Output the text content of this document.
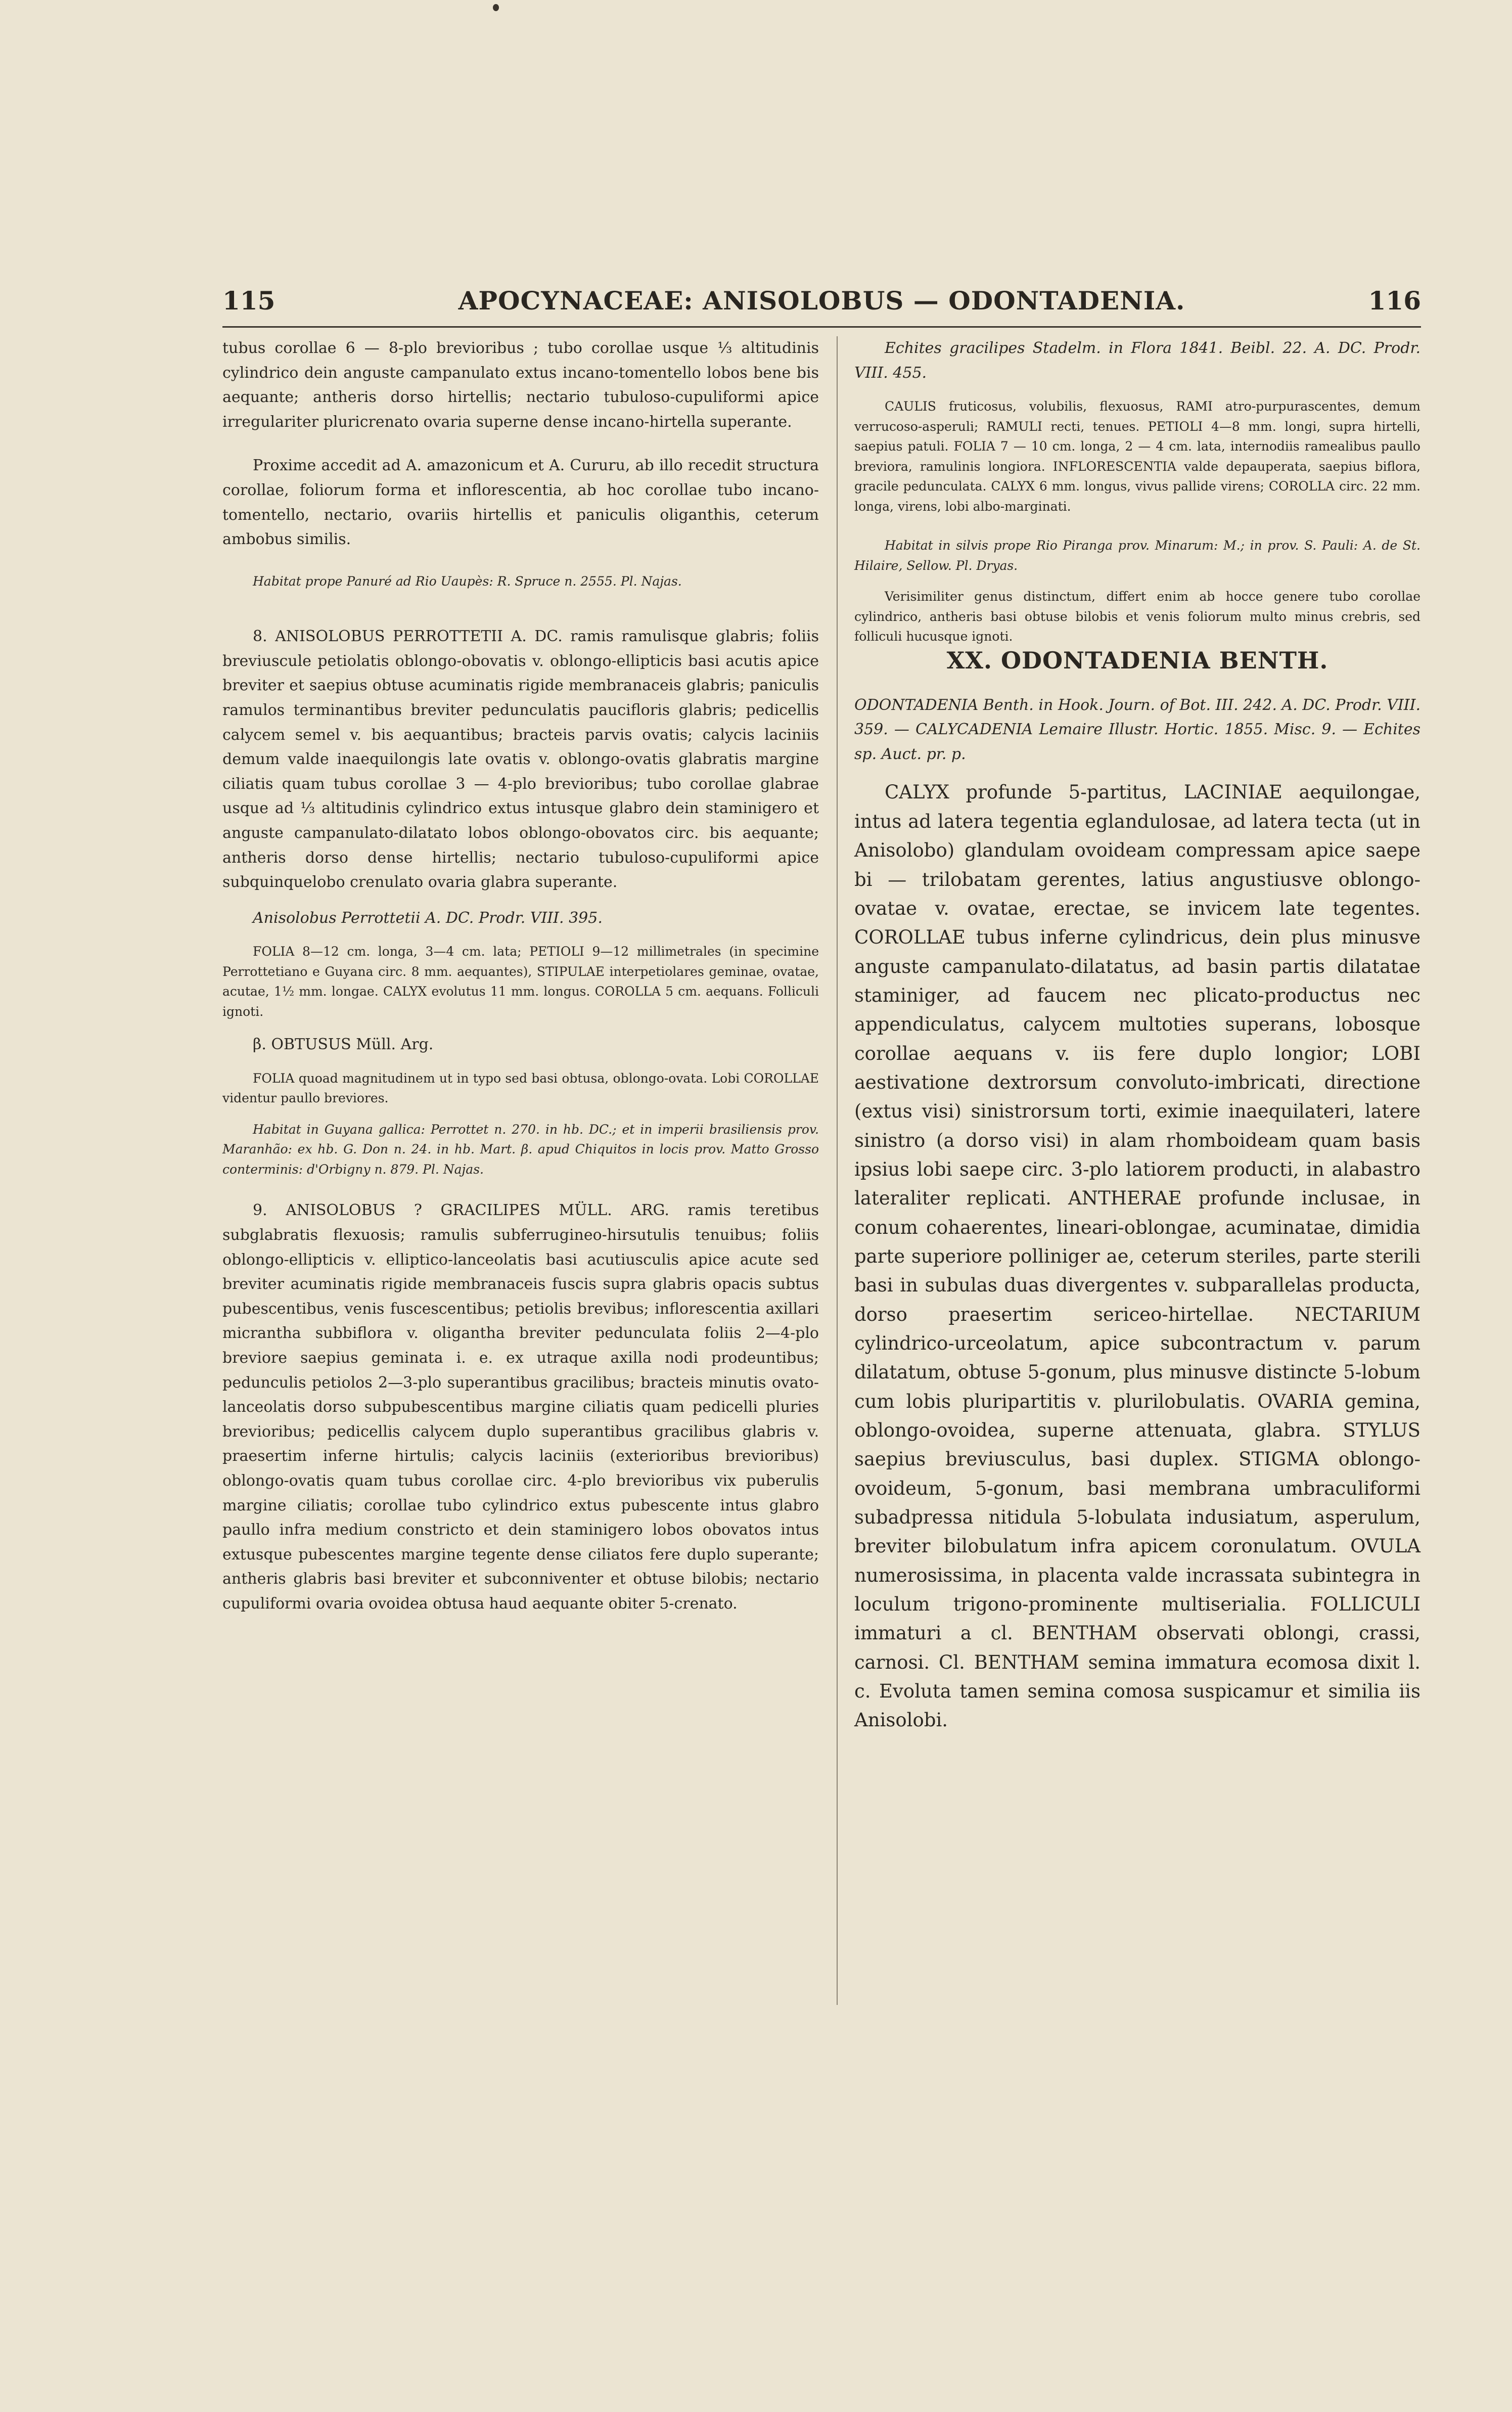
115	APOCYNACEAE: ANISOLOBUS — ODONTADENIA.	116

tubus corollae 6 — 8-plo brevioribus ; tubo corollae usque ⅓ altitudinis cylindrico dein anguste campanulato extus incano-tomentello lobos bene bis aequante; antheris dorso hirtellis; nectario tubuloso-cupuliformi apice irregulariter pluricrenato ovaria superne dense incano-hirtella superante.

Proxime accedit ad A. amazonicum et A. Cururu, ab illo recedit structura corollae, foliorum forma et inflorescentia, ab hoc corollae tubo incano-tomentello, nectario, ovariis hirtellis et paniculis oliganthis, ceterum ambobus similis.

Habitat prope Panuré ad Rio Uaupès: R. Spruce n. 2555. Pl. Najas.

8. ANISOLOBUS PERROTTETII A. DC. ramis ramulisque glabris; foliis breviuscule petiolatis oblongo-obovatis v. oblongo-ellipticis basi acutis apice breviter et saepius obtuse acuminatis rigide membranaceis glabris; paniculis ramulos terminantibus breviter pedunculatis paucifloris glabris; pedicellis calycem semel v. bis aequantibus; bracteis parvis ovatis; calycis laciniis demum valde inaequilongis late ovatis v. oblongo-ovatis glabratis margine ciliatis quam tubus corollae 3 — 4-plo brevioribus; tubo corollae glabrae usque ad ⅓ altitudinis cylindrico extus intusque glabro dein staminigero et anguste campanulato-dilatato lobos oblongo-obovatos circ. bis aequante; antheris dorso dense hirtellis; nectario tubuloso-cupuliformi apice subquinquelobo crenulato ovaria glabra superante.

Anisolobus Perrottetii A. DC. Prodr. VIII. 395.

FOLIA 8—12 cm. longa, 3—4 cm. lata; PETIOLI 9—12 millimetrales (in specimine Perrottetiano e Guyana circ. 8 mm. aequantes), STIPULAE interpetiolares geminae, ovatae, acutae, 1½ mm. longae. CALYX evolutus 11 mm. longus. COROLLA 5 cm. aequans. Folliculi ignoti.

β. OBTUSUS Müll. Arg.

FOLIA quoad magnitudinem ut in typo sed basi obtusa, oblongo-ovata. Lobi COROLLAE videntur paullo breviores.

Habitat in Guyana gallica: Perrottet n. 270. in hb. DC.; et in imperii brasiliensis prov. Maranhão: ex hb. G. Don n. 24. in hb. Mart. β. apud Chiquitos in locis prov. Matto Grosso conterminis: d'Orbigny n. 879. Pl. Najas.

9. ANISOLOBUS ? GRACILIPES MÜLL. ARG. ramis teretibus subglabratis flexuosis; ramulis subferrugineo-hirsutulis tenuibus; foliis oblongo-ellipticis v. elliptico-lanceolatis basi acutiusculis apice acute sed breviter acuminatis rigide membranaceis fuscis supra glabris opacis subtus pubescentibus, venis fuscescentibus; petiolis brevibus; inflorescentia axillari micrantha subbiflora v. oligantha breviter pedunculata foliis 2—4-plo breviore saepius geminata i. e. ex utraque axilla nodi prodeuntibus; pedunculis petiolos 2—3-plo superantibus gracilibus; bracteis minutis ovato-lanceolatis dorso subpubescentibus margine ciliatis quam pedicelli pluries brevioribus; pedicellis calycem duplo superantibus gracilibus glabris v. praesertim inferne hirtulis; calycis laciniis (exterioribus brevioribus) oblongo-ovatis quam tubus corollae circ. 4-plo brevioribus vix puberulis margine ciliatis; corollae tubo cylindrico extus pubescente intus glabro paullo infra medium constricto et dein staminigero lobos obovatos intus extusque pubescentes margine tegente dense ciliatos fere duplo superante; antheris glabris basi breviter et subconniventer et obtuse bilobis; nectario cupuliformi ovaria ovoidea obtusa haud aequante obiter 5-crenato.

Echites gracilipes Stadelm. in Flora 1841. Beibl. 22. A. DC. Prodr. VIII. 455.

CAULIS fruticosus, volubilis, flexuosus, RAMI atro-purpurascentes, demum verrucoso-asperuli; RAMULI recti, tenues. PETIOLI 4—8 mm. longi, supra hirtelli, saepius patuli. FOLIA 7 — 10 cm. longa, 2 — 4 cm. lata, internodiis ramealibus paullo breviora, ramulinis longiora. INFLORESCENTIA valde depauperata, saepius biflora, gracile pedunculata. CALYX 6 mm. longus, vivus pallide virens; COROLLA circ. 22 mm. longa, virens, lobi albo-marginati.

Habitat in silvis prope Rio Piranga prov. Minarum: M.; in prov. S. Pauli: A. de St. Hilaire, Sellow. Pl. Dryas.

Verisimiliter genus distinctum, differt enim ab hocce genere tubo corollae cylindrico, antheris basi obtuse bilobis et venis foliorum multo minus crebris, sed folliculi hucusque ignoti.

XX. ODONTADENIA BENTH.

ODONTADENIA Benth. in Hook. Journ. of Bot. III. 242. A. DC. Prodr. VIII. 359. — CALYCADENIA Lemaire Illustr. Hortic. 1855. Misc. 9. — Echites sp. Auct. pr. p.

CALYX profunde 5-partitus, LACINIAE aequilongae, intus ad latera tegentia eglandulosae, ad latera tecta (ut in Anisolobo) glandulam ovoideam compressam apice saepe bi — trilobatam gerentes, latius angustiusve oblongo-ovatae v. ovatae, erectae, se invicem late tegentes. COROLLAE tubus inferne cylindricus, dein plus minusve anguste campanulato-dilatatus, ad basin partis dilatatae staminiger, ad faucem nec plicato-productus nec appendiculatus, calycem multoties superans, lobosque corollae aequans v. iis fere duplo longior; LOBI aestivatione dextrorsum convoluto-imbricati, directione (extus visi) sinistrorsum torti, eximie inaequilateri, latere sinistro (a dorso visi) in alam rhomboideam quam basis ipsius lobi saepe circ. 3-plo latiorem producti, in alabastro lateraliter replicati. ANTHERAE profunde inclusae, in conum cohaerentes, lineari-oblongae, acuminatae, dimidia parte superiore polliniger ae, ceterum steriles, parte sterili basi in subulas duas divergentes v. subparallelas producta, dorso praesertim sericeo-hirtellae. NECTARIUM cylindrico-urceolatum, apice subcontractum v. parum dilatatum, obtuse 5-gonum, plus minusve distincte 5-lobum cum lobis pluripartitis v. plurilobulatis. OVARIA gemina, oblongo-ovoidea, superne attenuata, glabra. STYLUS saepius breviusculus, basi duplex. STIGMA oblongo-ovoideum, 5-gonum, basi membrana umbraculiformi subadpressa nitidula 5-lobulata indusiatum, asperulum, breviter bilobulatum infra apicem coronulatum. OVULA numerosissima, in placenta valde incrassata subintegra in loculum trigono-prominente multiserialia. FOLLICULI immaturi a cl. BENTHAM observati oblongi, crassi, carnosi. Cl. BENTHAM semina immatura ecomosa dixit l. c. Evoluta tamen semina comosa suspicamur et similia iis Anisolobi.
